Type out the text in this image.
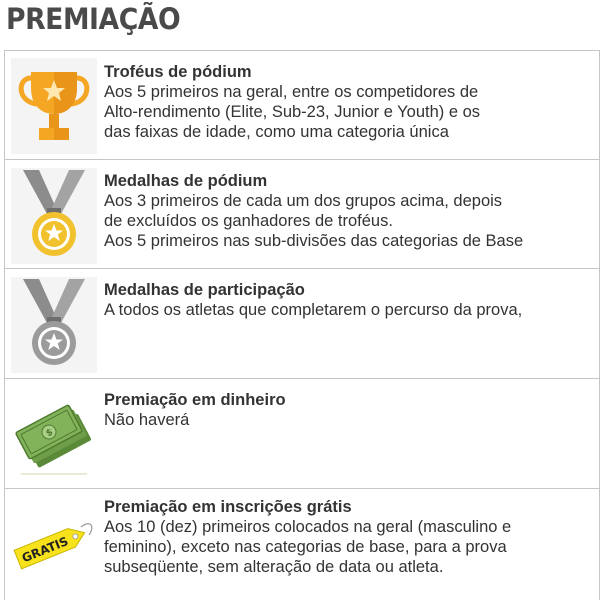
PREMIAÇÃO

Troféus de pódium

Aos 5 primeiros na geral, entre os competidores de

Alto-rendimento (Elite, Sub-23, Junior e Youth) e os

das faixas de idade, como uma categoria única

Medalhas de pódium

Aos 3 primeiros de cada um dos grupos acima, depois

de excluídos os ganhadores de troféus.

Aos 5 primeiros nas sub-divisões das categorias de Base

Medalhas de participação

A todos os atletas que completarem o percurso da prova,

$

Premiação em dinheiro

Não haverá

GRATIS

Premiação em inscrições grátis

Aos 10 (dez) primeiros colocados na geral (masculino e

feminino), exceto nas categorias de base, para a prova

subseqüente, sem alteração de data ou atleta.
